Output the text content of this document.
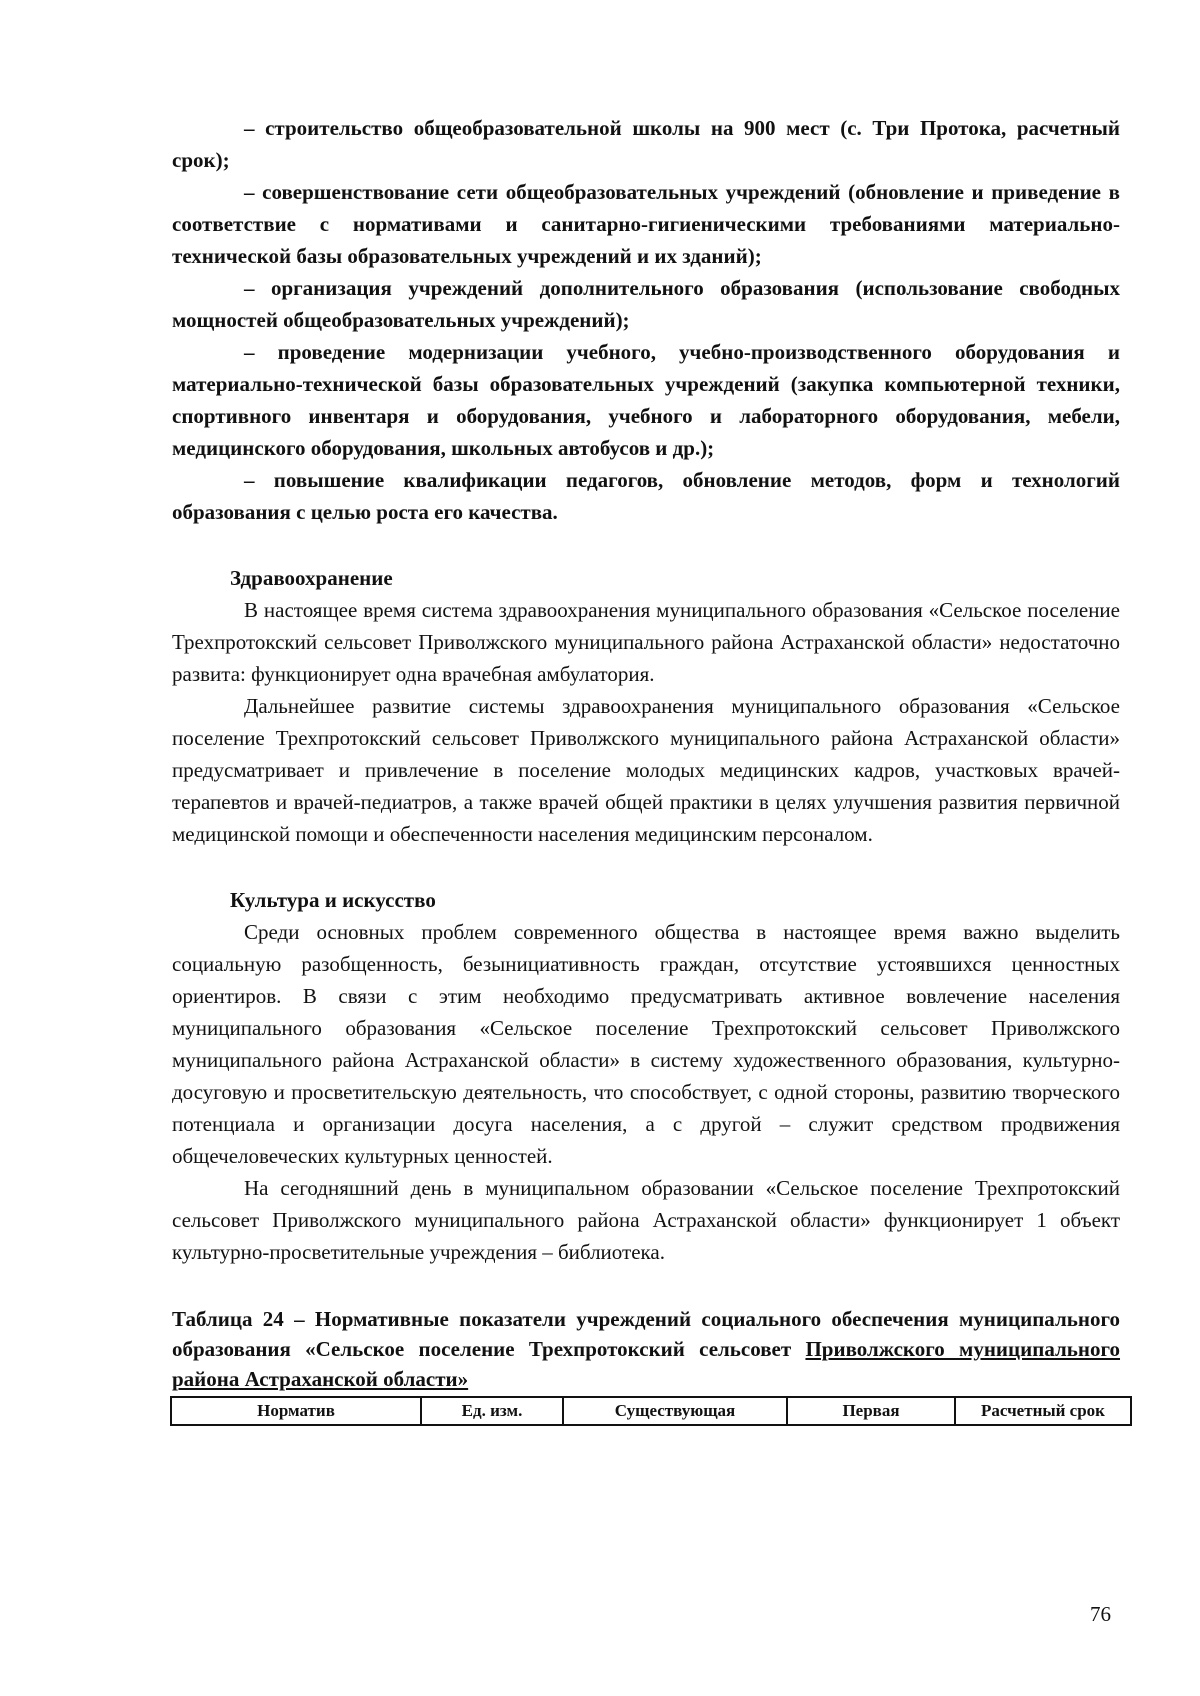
– строительство общеобразовательной школы на 900 мест (с. Три Протока, расчетный срок);

– совершенствование сети общеобразовательных учреждений (обновление и приведение в соответствие с нормативами и санитарно-гигиеническими требованиями материально-технической базы образовательных учреждений и их зданий);

– организация учреждений дополнительного образования (использование свободных мощностей общеобразовательных учреждений);

– проведение модернизации учебного, учебно-производственного оборудования и материально-технической базы образовательных учреждений (закупка компьютерной техники, спортивного инвентаря и оборудования, учебного и лабораторного оборудования, мебели, медицинского оборудования, школьных автобусов и др.);

– повышение квалификации педагогов, обновление методов, форм и технологий образования с целью роста его качества.

Здравоохранение

В настоящее время система здравоохранения муниципального образования «Сельское поселение Трехпротокский сельсовет Приволжского муниципального района Астраханской области» недостаточно развита: функционирует одна врачебная амбулатория.

Дальнейшее развитие системы здравоохранения муниципального образования «Сельское поселение Трехпротокский сельсовет Приволжского муниципального района Астраханской области» предусматривает и привлечение в поселение молодых медицинских кадров, участковых врачей-терапевтов и врачей-педиатров, а также врачей общей практики в целях улучшения развития первичной медицинской помощи и обеспеченности населения медицинским персоналом.

Культура и искусство

Среди основных проблем современного общества в настоящее время важно выделить социальную разобщенность, безынициативность граждан, отсутствие устоявшихся ценностных ориентиров. В связи с этим необходимо предусматривать активное вовлечение населения муниципального образования «Сельское поселение Трехпротокский сельсовет Приволжского муниципального района Астраханской области» в систему художественного образования, культурно-досуговую и просветительскую деятельность, что способствует, с одной стороны, развитию творческого потенциала и организации досуга населения, а с другой – служит средством продвижения общечеловеческих культурных ценностей.

На сегодняшний день в муниципальном образовании «Сельское поселение Трехпротокский сельсовет Приволжского муниципального района Астраханской области» функционирует 1 объект культурно-просветительные учреждения – библиотека.

Таблица 24 – Нормативные показатели учреждений социального обеспечения муниципального образования «Сельское поселение Трехпротокский сельсовет Приволжского муниципального района Астраханской области»

Норматив	Ед. изм.	Существующая	Первая	Расчетный срок
76
